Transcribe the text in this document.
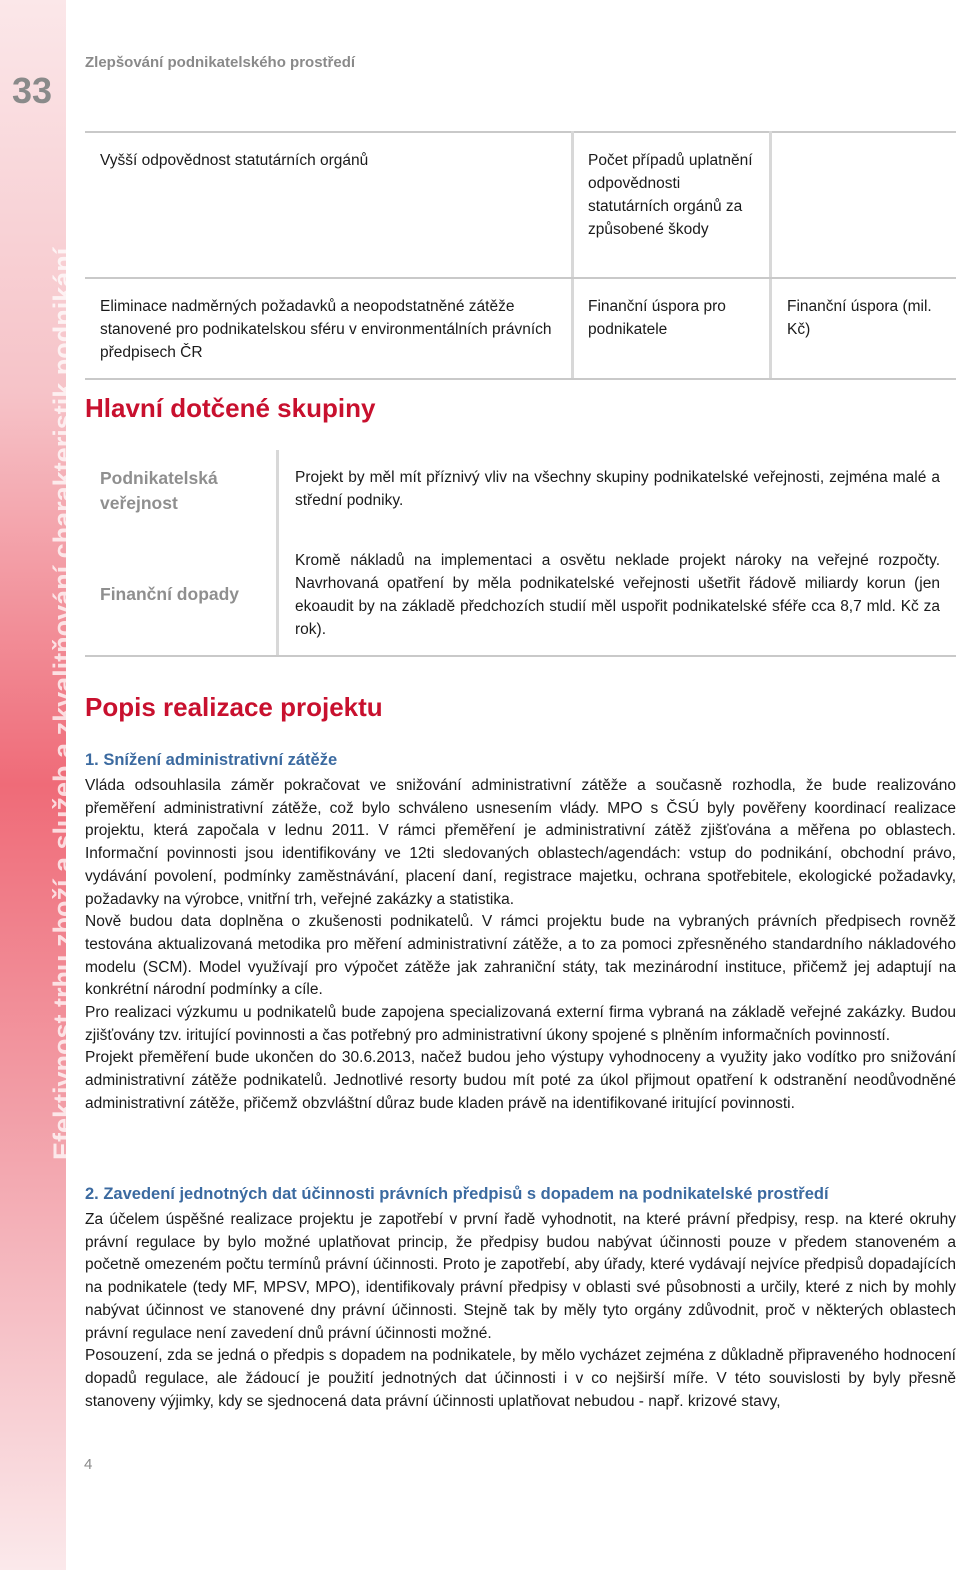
33
Efektivnost trhu zboží a služeb a zkvalitňování charakteristik podnikání
Zlepšování podnikatelského prostředí
Vyšší odpovědnost statutárních orgánů	Počet případů uplatnění odpovědnosti statutárních orgánů za způsobené škody
Eliminace nadměrných požadavků a neopodstatněné zátěže stanovené pro podnikatelskou sféru v environmentálních právních předpisech ČR
Finanční úspora pro podnikatele
Finanční úspora (mil. Kč)
Hlavní dotčené skupiny
Podnikatelská veřejnost
Projekt by měl mít příznivý vliv na všechny skupiny podnikatelské veřejnosti, zejména malé a střední podniky.
Finanční dopady
Kromě nákladů na implementaci a osvětu neklade projekt nároky na veřejné rozpočty. Navrhovaná opatření by měla podnikatelské veřejnosti ušetřit řádově miliardy korun (jen ekoaudit by na základě předchozích studií měl uspořit podnikatelské sféře cca 8,7 mld. Kč za rok).
Popis realizace projektu
1. Snížení administrativní zátěže
Vláda odsouhlasila záměr pokračovat ve snižování administrativní zátěže a současně rozhodla, že bude realizováno přeměření administrativní zátěže, což bylo schváleno usnesením vlády. MPO s ČSÚ byly pověřeny koordinací realizace projektu, která započala v lednu 2011. V rámci přeměření je administrativní zátěž zjišťována a měřena po oblastech. Informační povinnosti jsou identifikovány ve 12ti sledovaných oblastech/agendách: vstup do podnikání, obchodní právo, vydávání povolení, podmínky zaměstnávání, placení daní, registrace majetku, ochrana spotřebitele, ekologické požadavky, požadavky na výrobce, vnitřní trh, veřejné zakázky a statistika.
Nově budou data doplněna o zkušenosti podnikatelů. V rámci projektu bude na vybraných právních předpisech rovněž testována aktualizovaná metodika pro měření administrativní zátěže, a to za pomoci zpřesněného standardního nákladového modelu (SCM). Model využívají pro výpočet zátěže jak zahraniční státy, tak mezinárodní instituce, přičemž jej adaptují na konkrétní národní podmínky a cíle.
Pro realizaci výzkumu u podnikatelů bude zapojena specializovaná externí firma vybraná na základě veřejné zakázky. Budou zjišťovány tzv. iritující povinnosti a čas potřebný pro administrativní úkony spojené s plněním informačních povinností.
Projekt přeměření bude ukončen do 30.6.2013, načež budou jeho výstupy vyhodnoceny a využity jako vodítko pro snižování administrativní zátěže podnikatelů. Jednotlivé resorty budou mít poté za úkol přijmout opatření k odstranění neodůvodněné administrativní zátěže, přičemž obzvláštní důraz bude kladen právě na identifikované iritující povinnosti.
2. Zavedení jednotných dat účinnosti právních předpisů s dopadem na podnikatelské prostředí
Za účelem úspěšné realizace projektu je zapotřebí v první řadě vyhodnotit, na které právní předpisy, resp. na které okruhy právní regulace by bylo možné uplatňovat princip, že předpisy budou nabývat účinnosti pouze v předem stanoveném a početně omezeném počtu termínů právní účinnosti. Proto je zapotřebí, aby úřady, které vydávají nejvíce předpisů dopadajících na podnikatele (tedy MF, MPSV, MPO), identifikovaly právní předpisy v oblasti své působnosti a určily, které z nich by mohly nabývat účinnost ve stanovené dny právní účinnosti. Stejně tak by měly tyto orgány zdůvodnit, proč v některých oblastech právní regulace není zavedení dnů právní účinnosti možné.
Posouzení, zda se jedná o předpis s dopadem na podnikatele, by mělo vycházet zejména z důkladně připraveného hodnocení dopadů regulace, ale žádoucí je použití jednotných dat účinnosti i v co nejširší míře. V této souvislosti by byly přesně stanoveny výjimky, kdy se sjednocená data právní účinnosti uplatňovat nebudou - např. krizové stavy,
4
